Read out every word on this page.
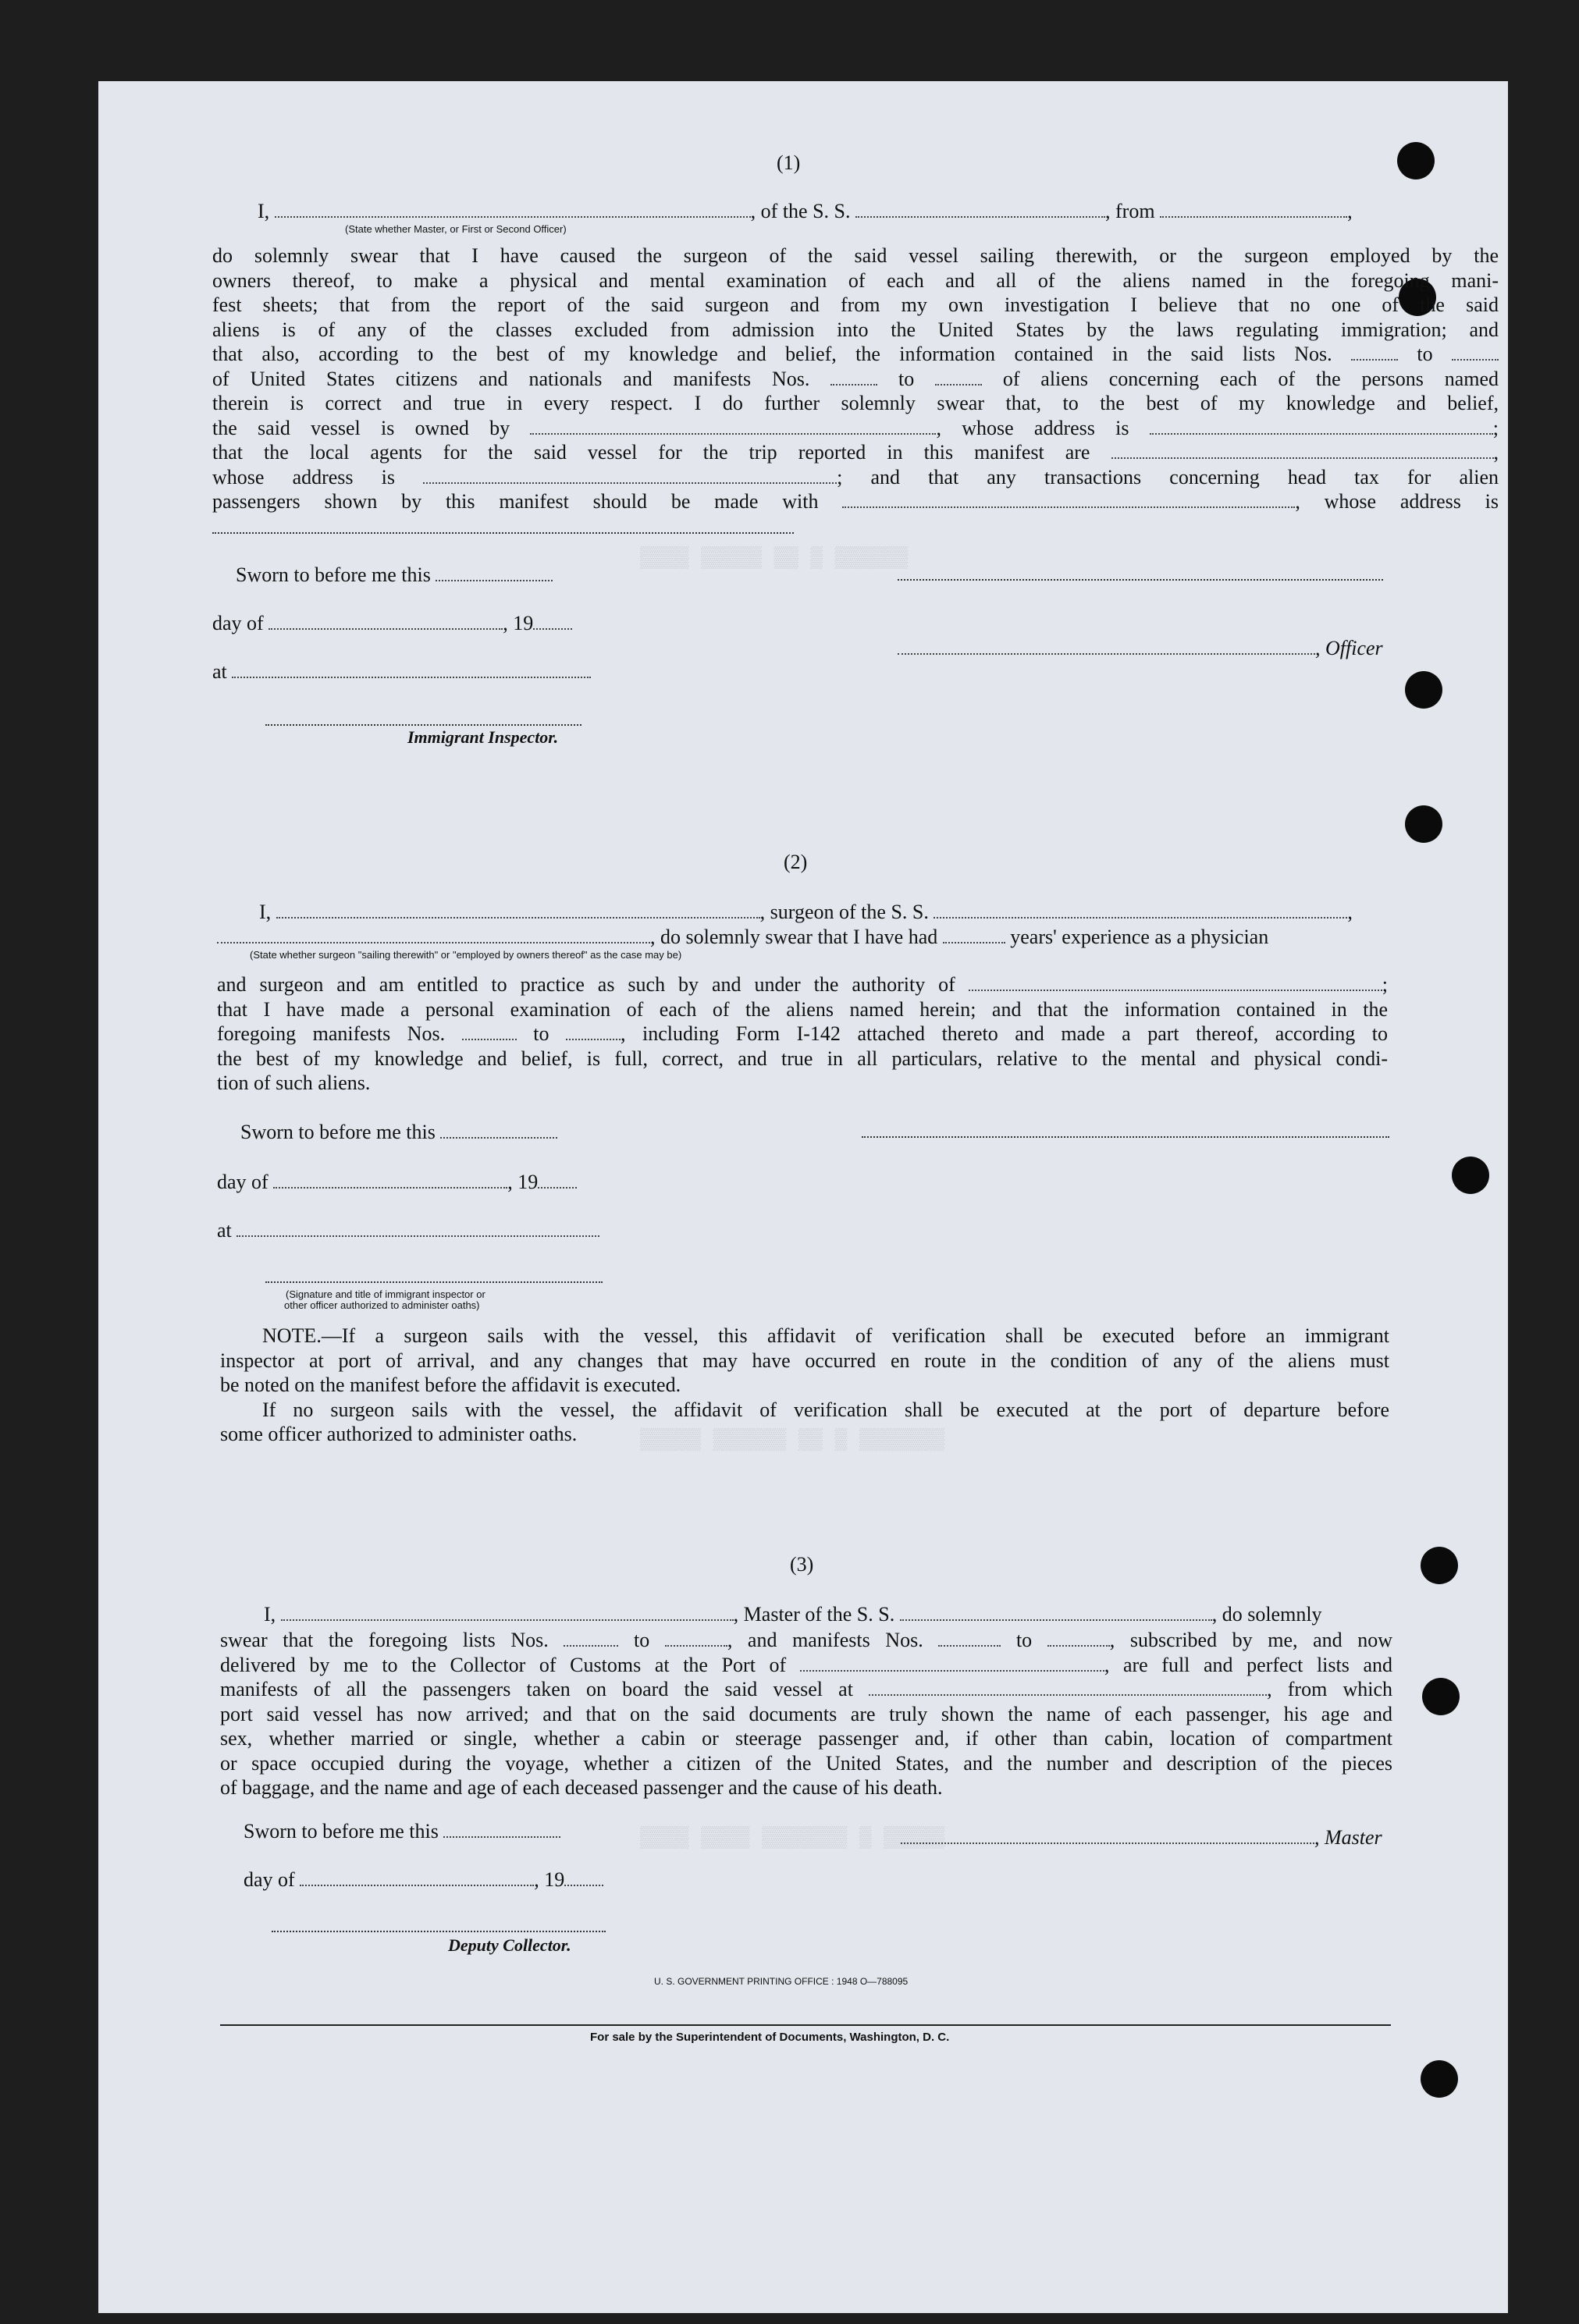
▒▒▒▒ ▒▒▒▒▒ ▒▒ ▒ ▒▒▒▒▒▒
▒▒▒▒▒ ▒▒▒▒▒▒ ▒▒ ▒ ▒▒▒▒▒▒▒
▒▒▒▒ ▒▒▒▒ ▒▒▒▒▒▒▒ ▒ ▒▒▒▒▒
(1)
I,	, of the S. S.	, from	,
(State whether Master, or First or Second Officer)
do solemnly swear that I have caused the surgeon of the said vessel sailing therewith, or the surgeon employed by the
owners thereof, to make a physical and mental examination of each and all of the aliens named in the foregoing mani-
fest sheets; that from the report of the said surgeon and from my own investigation I believe that no one of the said
aliens is of any of the classes excluded from admission into the United States by the laws regulating immigration; and
that also, according to the best of my knowledge and belief, the information contained in the said lists Nos.	to
of United States citizens and nationals and manifests Nos.	to	of aliens concerning each of the persons named
therein is correct and true in every respect. I do further solemnly swear that, to the best of my knowledge and belief,
the said vessel is owned by	, whose address is	;
that the local agents for the said vessel for the trip reported in this manifest are	,
whose address is	; and that any transactions concerning head tax for alien
passengers shown by this manifest should be made with	, whose address is
Sworn to before me this
day of	, 19
, Officer
at
Immigrant Inspector.
(2)
I,	, surgeon of the S. S.	,
, do solemnly swear that I have had	years' experience as a physician
(State whether surgeon "sailing therewith" or "employed by owners thereof" as the case may be)
and surgeon and am entitled to practice as such by and under the authority of	;
that I have made a personal examination of each of the aliens named herein; and that the information contained in the
foregoing manifests Nos.	to	, including Form I-142 attached thereto and made a part thereof, according to
the best of my knowledge and belief, is full, correct, and true in all particulars, relative to the mental and physical condi-
tion of such aliens.
Sworn to before me this
day of	, 19
at
(Signature and title of immigrant inspector or
other officer authorized to administer oaths)
NOTE.—If a surgeon sails with the vessel, this affidavit of verification shall be executed before an immigrant
inspector at port of arrival, and any changes that may have occurred en route in the condition of any of the aliens must
be noted on the manifest before the affidavit is executed.
If no surgeon sails with the vessel, the affidavit of verification shall be executed at the port of departure before
some officer authorized to administer oaths.
(3)
I,	, Master of the S. S.	, do solemnly
swear that the foregoing lists Nos.	to	, and manifests Nos.	to	, subscribed by me, and now
delivered by me to the Collector of Customs at the Port of	, are full and perfect lists and
manifests of all the passengers taken on board the said vessel at	, from which
port said vessel has now arrived; and that on the said documents are truly shown the name of each passenger, his age and
sex, whether married or single, whether a cabin or steerage passenger and, if other than cabin, location of compartment
or space occupied during the voyage, whether a citizen of the United States, and the number and description of the pieces
of baggage, and the name and age of each deceased passenger and the cause of his death.
Sworn to before me this	, Master
day of	, 19
Deputy Collector.
U. S. GOVERNMENT PRINTING OFFICE : 1948 O—788095
For sale by the Superintendent of Documents, Washington, D. C.
